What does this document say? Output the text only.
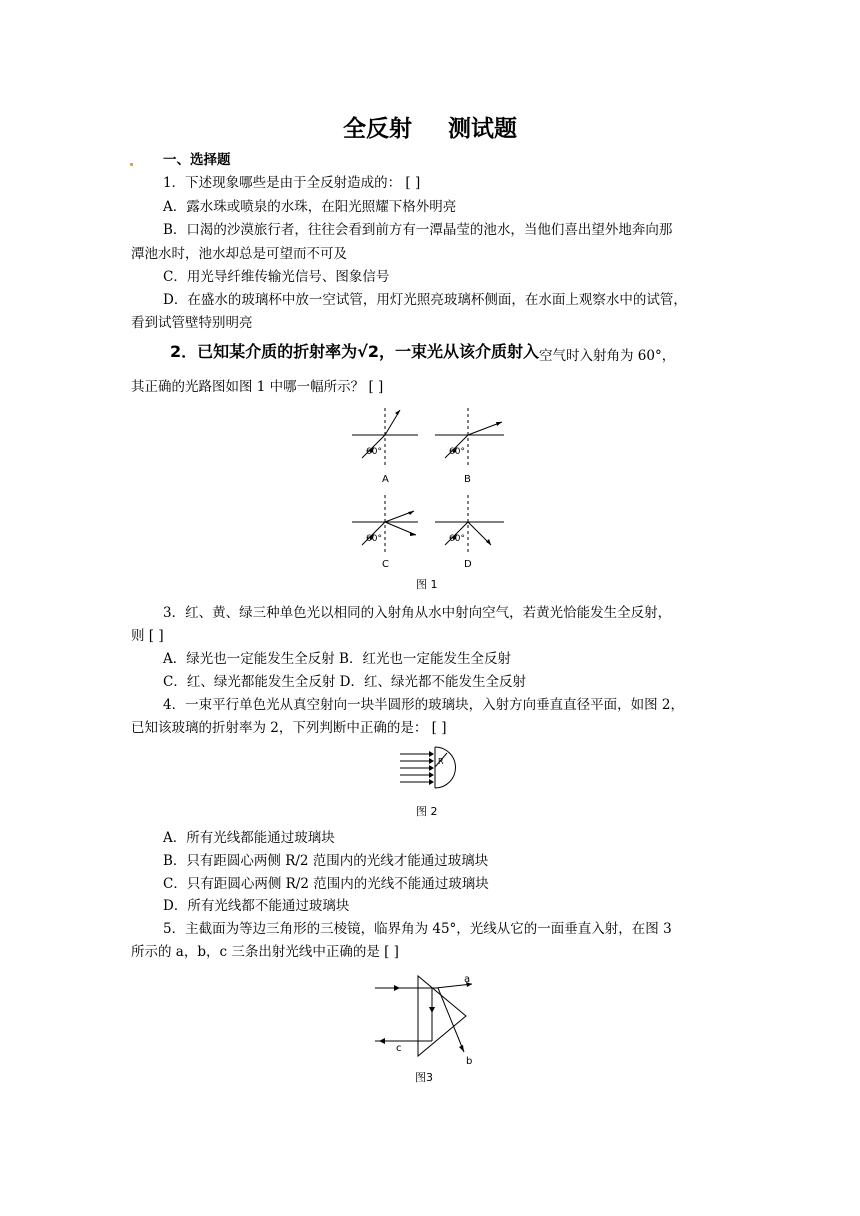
全反射 测试题
一、选择题
1．下述现象哪些是由于全反射造成的： [ ]
A．露水珠或喷泉的水珠，在阳光照耀下格外明亮
B．口渴的沙漠旅行者，往往会看到前方有一潭晶莹的池水，当他们喜出望外地奔向那
潭池水时，池水却总是可望而不可及
C．用光导纤维传输光信号、图象信号
D．在盛水的玻璃杯中放一空试管，用灯光照亮玻璃杯侧面，在水面上观察水中的试管，
看到试管壁特别明亮
2．已知某介质的折射率为√2，一束光从该介质射入空气时入射角为 60°，
其正确的光路图如图 1 中哪一幅所示？ [ ]
60°	60°
60°	60°
A	B
C	D
图 1
3．红、黄、绿三种单色光以相同的入射角从水中射向空气，若黄光恰能发生全反射，
则 [ ]
A．绿光也一定能发生全反射 B．红光也一定能发生全反射
C．红、绿光都能发生全反射 D．红、绿光都不能发生全反射
4．一束平行单色光从真空射向一块半圆形的玻璃块，入射方向垂直直径平面，如图 2，
已知该玻璃的折射率为 2，下列判断中正确的是： [ ]
R
图 2
A．所有光线都能通过玻璃块
B．只有距圆心两侧 R/2 范围内的光线才能通过玻璃块
C．只有距圆心两侧 R/2 范围内的光线不能通过玻璃块
D．所有光线都不能通过玻璃块
5．主截面为等边三角形的三棱镜，临界角为 45°，光线从它的一面垂直入射，在图 3
所示的 a，b，c 三条出射光线中正确的是 [ ]
a
b
c
图3
